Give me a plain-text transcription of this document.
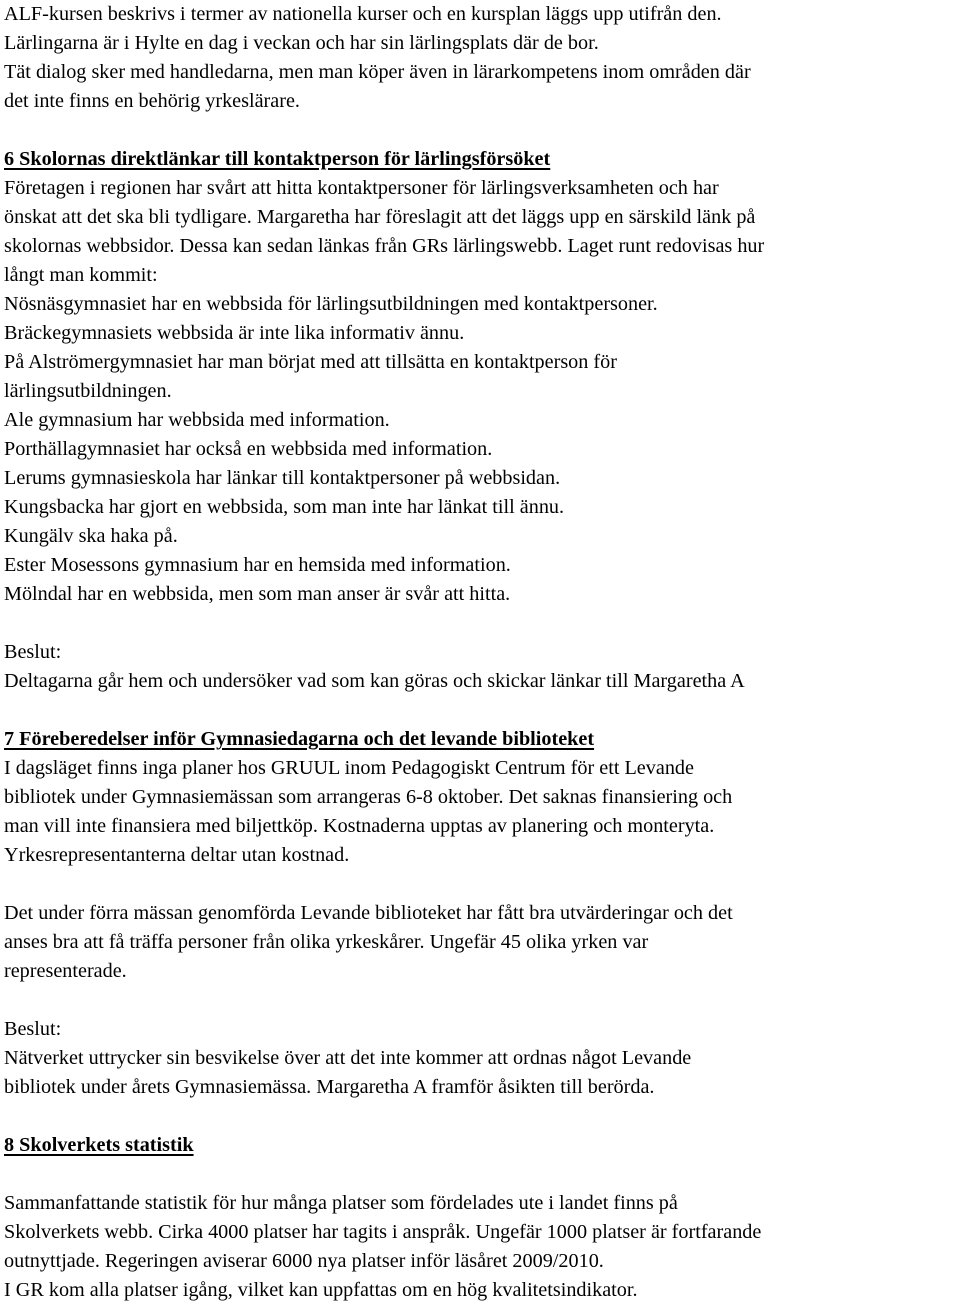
ALF-kursen beskrivs i termer av nationella kurser och en kursplan läggs upp utifrån den.
Lärlingarna är i Hylte en dag i veckan och har sin lärlingsplats där de bor.
Tät dialog sker med handledarna, men man köper även in lärarkompetens inom områden där
det inte finns en behörig yrkeslärare.
6 Skolornas direktlänkar till kontaktperson för lärlingsförsöket
Företagen i regionen har svårt att hitta kontaktpersoner för lärlingsverksamheten och har
önskat att det ska bli tydligare. Margaretha har föreslagit att det läggs upp en särskild länk på
skolornas webbsidor. Dessa kan sedan länkas från GRs lärlingswebb. Laget runt redovisas hur
långt man kommit:
Nösnäsgymnasiet har en webbsida för lärlingsutbildningen med kontaktpersoner.
Bräckegymnasiets webbsida är inte lika informativ ännu.
På Alströmergymnasiet har man börjat med att tillsätta en kontaktperson för
lärlingsutbildningen.
Ale gymnasium har webbsida med information.
Porthällagymnasiet har också en webbsida med information.
Lerums gymnasieskola har länkar till kontaktpersoner på webbsidan.
Kungsbacka har gjort en webbsida, som man inte har länkat till ännu.
Kungälv ska haka på.
Ester Mosessons gymnasium har en hemsida med information.
Mölndal har en webbsida, men som man anser är svår att hitta.
Beslut:
Deltagarna går hem och undersöker vad som kan göras och skickar länkar till Margaretha A
7 Föreberedelser inför Gymnasiedagarna och det levande biblioteket
I dagsläget finns inga planer hos GRUUL inom Pedagogiskt Centrum för ett Levande
bibliotek under Gymnasiemässan som arrangeras 6-8 oktober. Det saknas finansiering och
man vill inte finansiera med biljettköp. Kostnaderna upptas av planering och monteryta.
Yrkesrepresentanterna deltar utan kostnad.
Det under förra mässan genomförda Levande biblioteket har fått bra utvärderingar och det
anses bra att få träffa personer från olika yrkeskårer. Ungefär 45 olika yrken var
representerade.
Beslut:
Nätverket uttrycker sin besvikelse över att det inte kommer att ordnas något Levande
bibliotek under årets Gymnasiemässa. Margaretha A framför åsikten till berörda.
8 Skolverkets statistik
Sammanfattande statistik för hur många platser som fördelades ute i landet finns på
Skolverkets webb. Cirka 4000 platser har tagits i anspråk. Ungefär 1000 platser är fortfarande
outnyttjade. Regeringen aviserar 6000 nya platser inför läsåret 2009/2010.
I GR kom alla platser igång, vilket kan uppfattas om en hög kvalitetsindikator.
